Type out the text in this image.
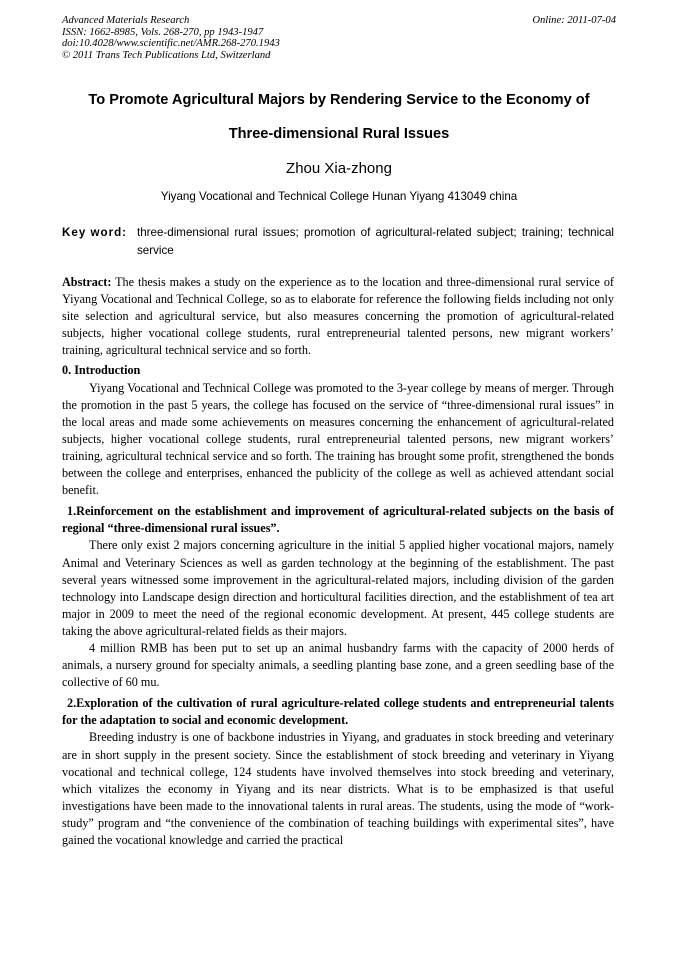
Advanced Materials Research
ISSN: 1662-8985, Vols. 268-270, pp 1943-1947
doi:10.4028/www.scientific.net/AMR.268-270.1943
© 2011 Trans Tech Publications Ltd, Switzerland
Online: 2011-07-04
To Promote Agricultural Majors by Rendering Service to the Economy of
Three-dimensional Rural Issues
Zhou Xia-zhong
Yiyang Vocational and Technical College Hunan Yiyang 413049 china
Key word: three-dimensional rural issues; promotion of agricultural-related subject; training; technical service

Abstract: The thesis makes a study on the experience as to the location and three-dimensional rural service of Yiyang Vocational and Technical College, so as to elaborate for reference the following fields including not only site selection and agricultural service, but also measures concerning the promotion of agricultural-related subjects, higher vocational college students, rural entrepreneurial talented persons, new migrant workers’ training, agricultural technical service and so forth.

0. Introduction

Yiyang Vocational and Technical College was promoted to the 3-year college by means of merger. Through the promotion in the past 5 years, the college has focused on the service of “three-dimensional rural issues” in the local areas and made some achievements on measures concerning the enhancement of agricultural-related subjects, higher vocational college students, rural entrepreneurial talented persons, new migrant workers’ training, agricultural technical service and so forth. The training has brought some profit, strengthened the bonds between the college and enterprises, enhanced the publicity of the college as well as achieved attendant social benefit.

1.Reinforcement on the establishment and improvement of agricultural-related subjects on the basis of regional “three-dimensional rural issues”.

There only exist 2 majors concerning agriculture in the initial 5 applied higher vocational majors, namely Animal and Veterinary Sciences as well as garden technology at the beginning of the establishment. The past several years witnessed some improvement in the agricultural-related majors, including division of the garden technology into Landscape design direction and horticultural facilities direction, and the establishment of tea art major in 2009 to meet the need of the regional economic development. At present, 445 college students are taking the above agricultural-related fields as their majors.

4 million RMB has been put to set up an animal husbandry farms with the capacity of 2000 herds of animals, a nursery ground for specialty animals, a seedling planting base zone, and a green seedling base of the collective of 60 mu.

2.Exploration of the cultivation of rural agriculture-related college students and entrepreneurial talents for the adaptation to social and economic development.

Breeding industry is one of backbone industries in Yiyang, and graduates in stock breeding and veterinary are in short supply in the present society. Since the establishment of stock breeding and veterinary in Yiyang vocational and technical college, 124 students have involved themselves into stock breeding and veterinary, which vitalizes the economy in Yiyang and its near districts. What is to be emphasized is that useful investigations have been made to the innovational talents in rural areas. The students, using the mode of “work-study” program and “the convenience of the combination of teaching buildings with experimental sites”, have gained the vocational knowledge and carried the practical
